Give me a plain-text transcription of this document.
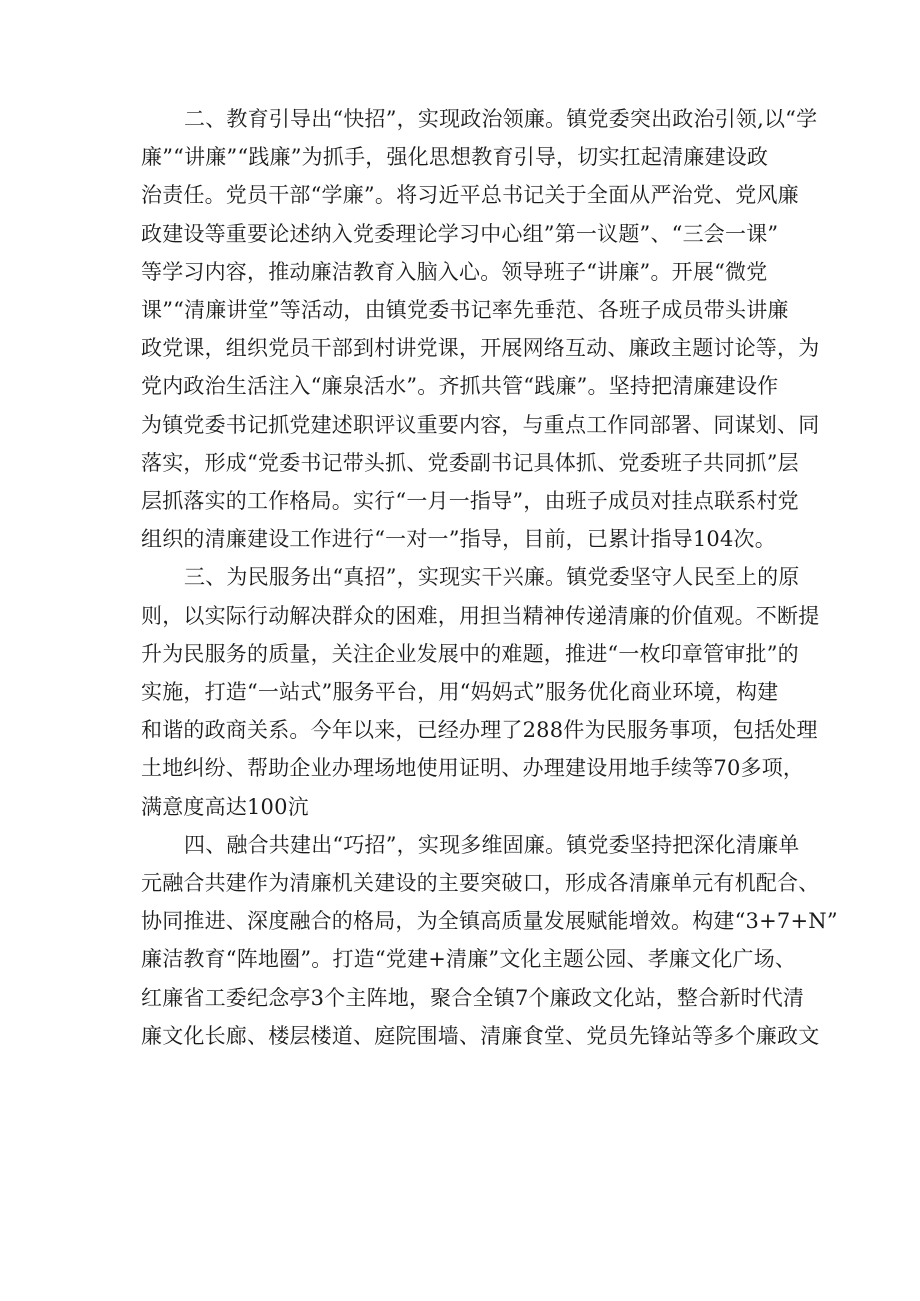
二、教育引导出“快招”，实现政治领廉。镇党委突出政治引领,以“学
廉”“讲廉”“践廉”为抓手，强化思想教育引导，切实扛起清廉建设政
治责任。党员干部“学廉”。将习近平总书记关于全面从严治党、党风廉
政建设等重要论述纳入党委理论学习中心组”第一议题”、“三会一课”
等学习内容，推动廉洁教育入脑入心。领导班子“讲廉”。开展“微党
课”“清廉讲堂”等活动，由镇党委书记率先垂范、各班子成员带头讲廉
政党课，组织党员干部到村讲党课，开展网络互动、廉政主题讨论等，为
党内政治生活注入“廉泉活水”。齐抓共管“践廉”。坚持把清廉建设作
为镇党委书记抓党建述职评议重要内容，与重点工作同部署、同谋划、同
落实，形成“党委书记带头抓、党委副书记具体抓、党委班子共同抓”层
层抓落实的工作格局。实行“一月一指导”，由班子成员对挂点联系村党
组织的清廉建设工作进行“一对一”指导，目前，已累计指导104次。

三、为民服务出“真招”，实现实干兴廉。镇党委坚守人民至上的原
则，以实际行动解决群众的困难，用担当精神传递清廉的价值观。不断提
升为民服务的质量，关注企业发展中的难题，推进“一枚印章管审批”的
实施，打造“一站式”服务平台，用“妈妈式”服务优化商业环境，构建
和谐的政商关系。今年以来，已经办理了288件为民服务事项，包括处理
土地纠纷、帮助企业办理场地使用证明、办理建设用地手续等70多项，
满意度高达100沆

四、融合共建出“巧招”，实现多维固廉。镇党委坚持把深化清廉单
元融合共建作为清廉机关建设的主要突破口，形成各清廉单元有机配合、
协同推进、深度融合的格局，为全镇高质量发展赋能增效。构建“3+7+N”
廉洁教育“阵地圈”。打造“党建+清廉”文化主题公园、孝廉文化广场、
红廉省工委纪念亭3个主阵地，聚合全镇7个廉政文化站，整合新时代清
廉文化长廊、楼层楼道、庭院围墙、清廉食堂、党员先锋站等多个廉政文
